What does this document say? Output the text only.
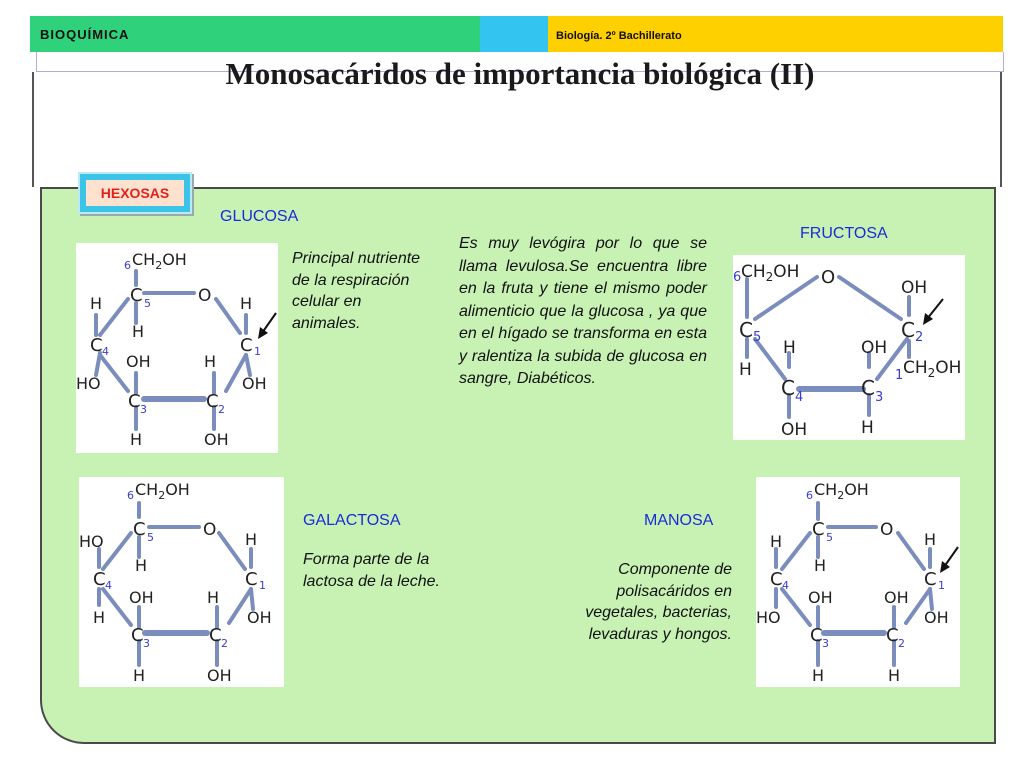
BIOQUÍMICA	Biología. 2º Bachillerato
Monosacáridos de importancia biológica (II)
HEXOSAS
GLUCOSA
6 $CH_2OH$
C 5	O
H
H
H
C 4	C 1
OH	H
HO	OH
C 3	C 2
H	OH
Principal nutriente de la respiración celular en animales.
Es muy levógira por lo que se llama levulosa.Se encuentra libre en la fruta y tiene el mismo poder alimenticio que la glucosa , ya que en el hígado se transforma en esta y ralentiza la subida de glucosa en sangre, Diabéticos.
FRUCTOSA
6 $CH_2OH$ O	OH
C 5	C 2
H	OH
H	1 $CH_2OH$
C 4	C 3
OH	H
6 $CH_2OH$
C 5	O
HO
H
H
C 4	C 1
OH	H
H	OH
C 3	C 2
H	OH
GALACTOSA
Forma parte de la lactosa de la leche.
MANOSA
Componente de polisacáridos en vegetales, bacterias, levaduras y hongos.
6 $CH_2OH$
C 5	O
H
H
H
C 4	C 1
OH	OH
HO	OH
C 3	C 2
H	H
